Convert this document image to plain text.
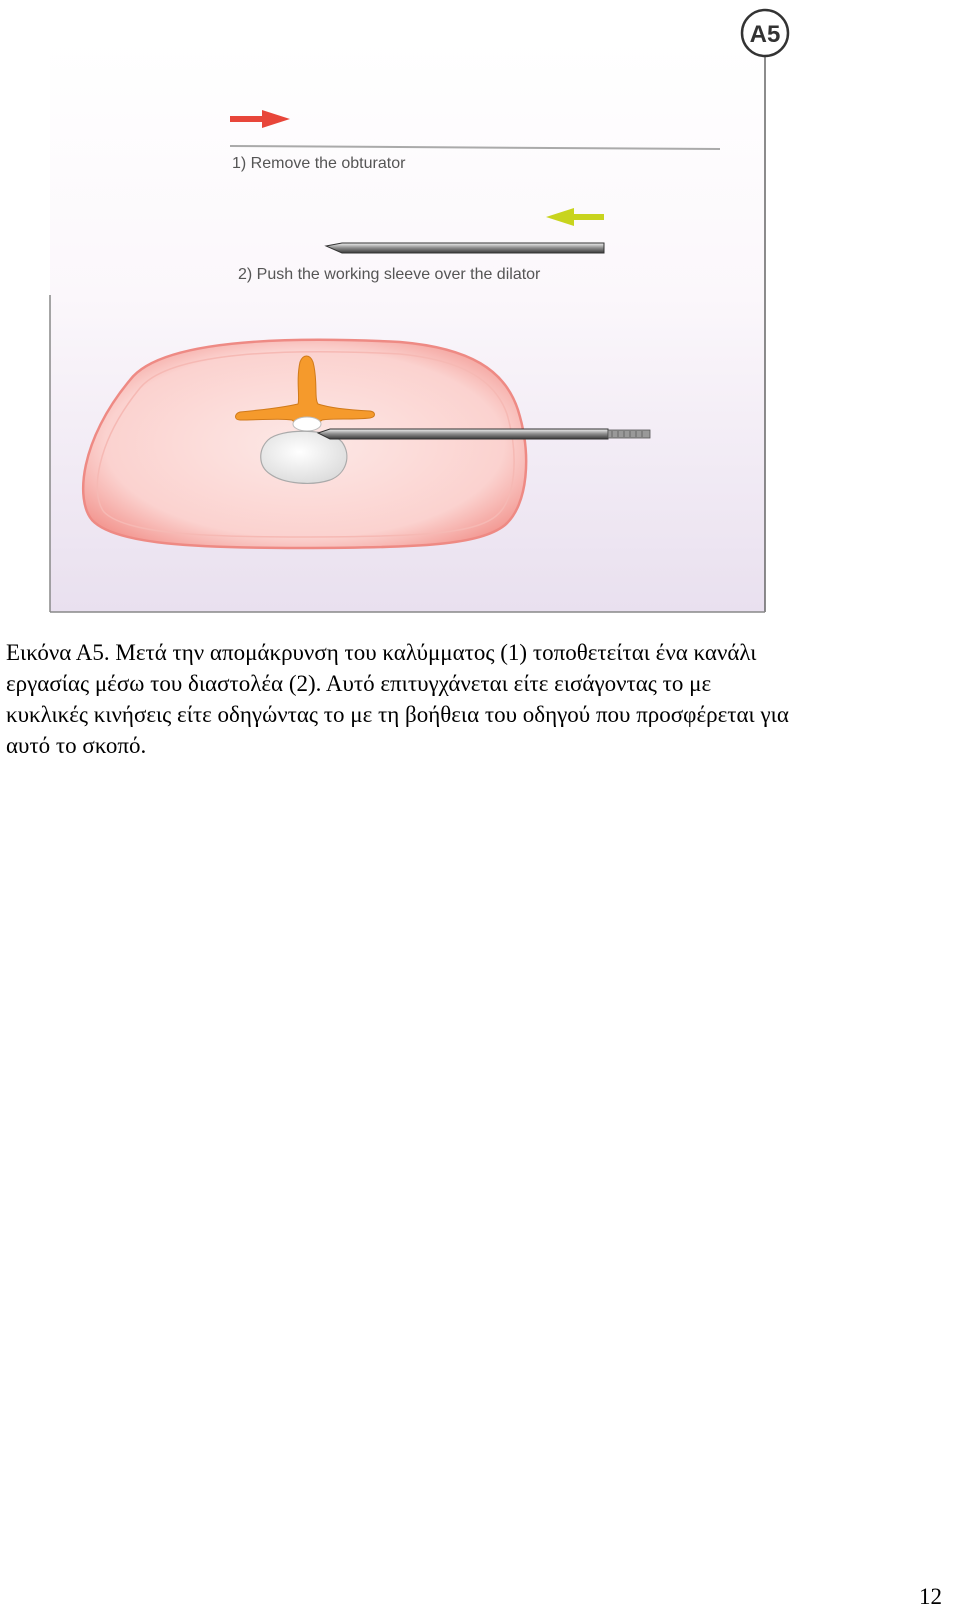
A5
1) Remove the obturator
2) Push the working sleeve over the dilator

Εικόνα Α5. Μετά την απομάκρυνση του καλύμματος (1) τοποθετείται ένα κανάλι

εργασίας μέσω του διαστολέα (2). Αυτό επιτυγχάνεται είτε εισάγοντας το με

κυκλικές κινήσεις είτε οδηγώντας το με τη βοήθεια του οδηγού που προσφέρεται για

αυτό το σκοπό.

12
